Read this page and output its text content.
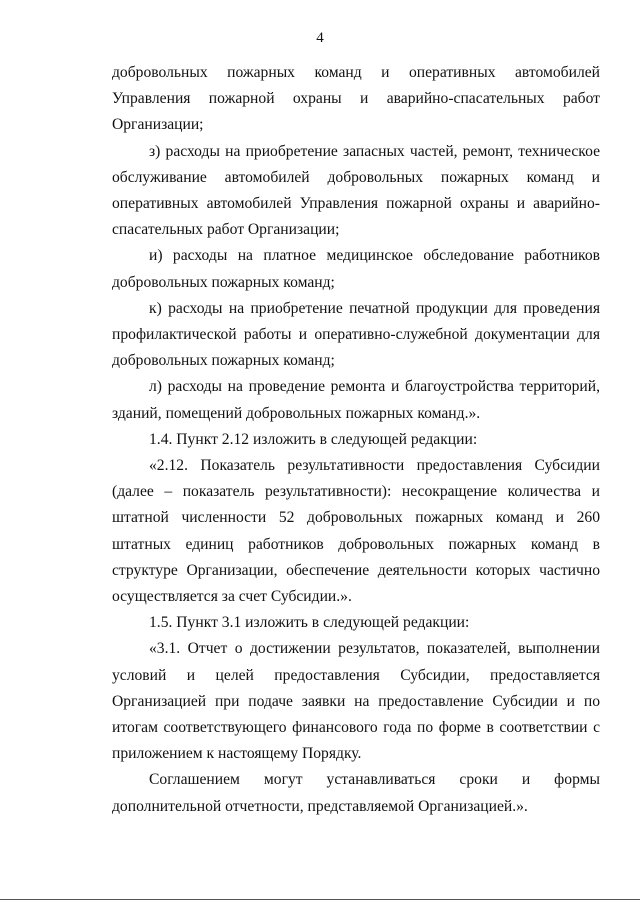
4

добровольных пожарных команд и оперативных автомобилей Управления пожарной охраны и аварийно-спасательных работ Организации;

з) расходы на приобретение запасных частей, ремонт, техническое обслуживание автомобилей добровольных пожарных команд и оперативных автомобилей Управления пожарной охраны и аварийно-спасательных работ Организации;

и) расходы на платное медицинское обследование работников добровольных пожарных команд;

к) расходы на приобретение печатной продукции для проведения профилактической работы и оперативно-служебной документации для добровольных пожарных команд;

л) расходы на проведение ремонта и благоустройства территорий, зданий, помещений добровольных пожарных команд.».

1.4. Пункт 2.12 изложить в следующей редакции:

«2.12. Показатель результативности предоставления Субсидии (далее – показатель результативности): несокращение количества и штатной численности 52 добровольных пожарных команд и 260 штатных единиц работников добровольных пожарных команд в структуре Организации, обеспечение деятельности которых частично осуществляется за счет Субсидии.».

1.5. Пункт 3.1 изложить в следующей редакции:

«3.1. Отчет о достижении результатов, показателей, выполнении условий и целей предоставления Субсидии, предоставляется Организацией при подаче заявки на предоставление Субсидии и по итогам соответствующего финансового года по форме в соответствии с приложением к настоящему Порядку.

Соглашением могут устанавливаться сроки и формы дополнительной отчетности, представляемой Организацией.».
